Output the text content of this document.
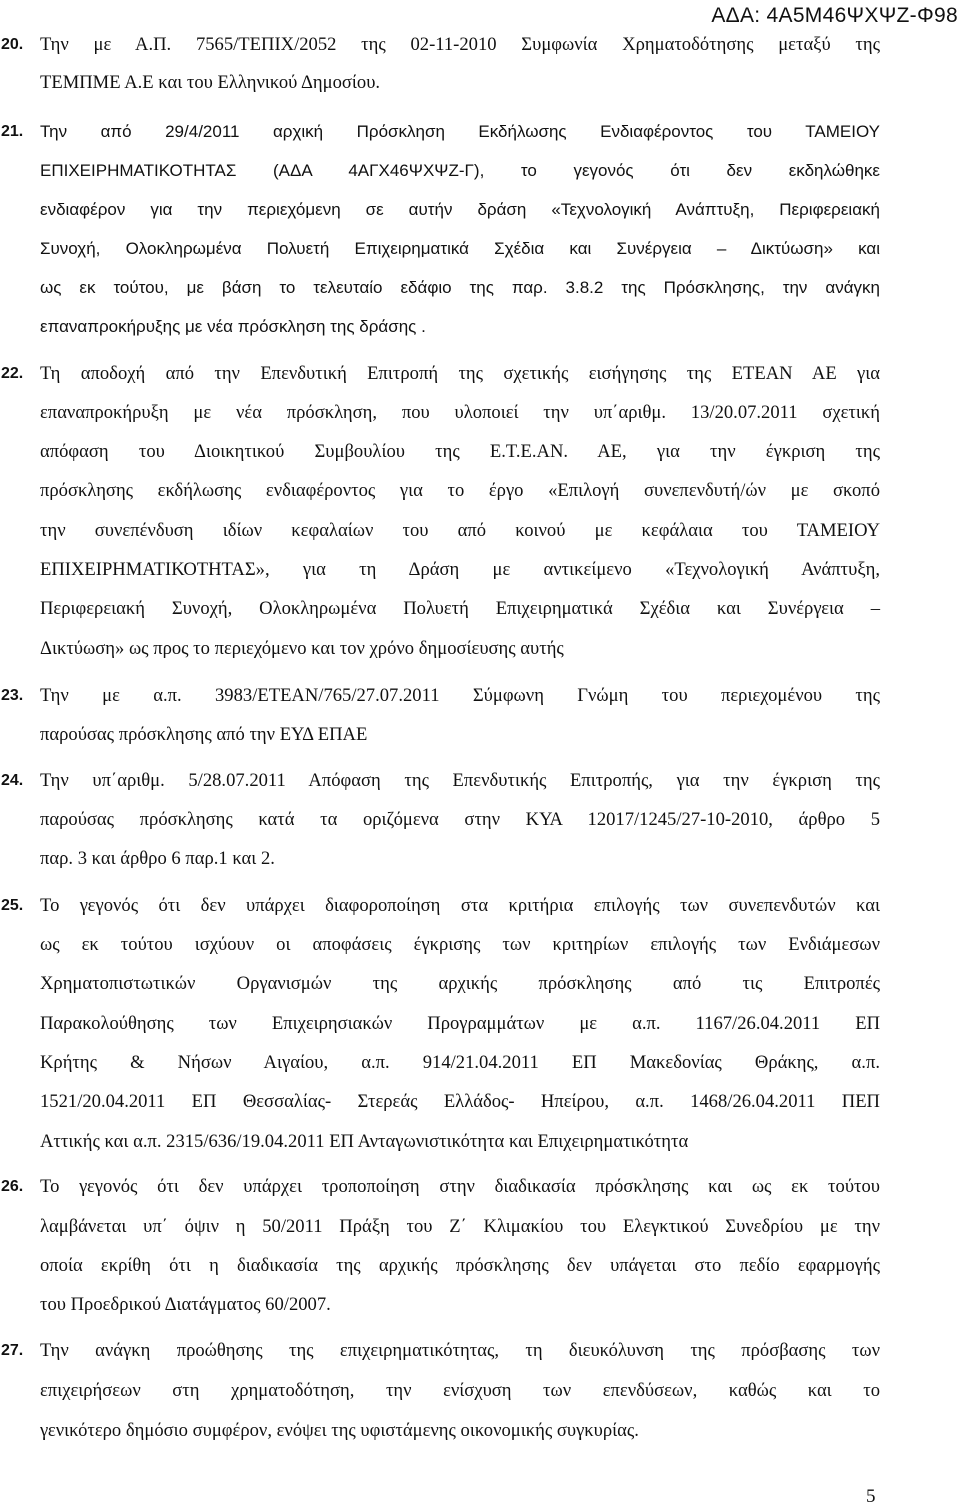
ΑΔΑ: 4Α5Μ46ΨΧΨΖ-Φ98
20. Την με Α.Π. 7565/ΤΕΠΙΧ/2052 της 02-11-2010 Συμφωνία Χρηματοδότησης μεταξύ της
ΤΕΜΠΜΕ Α.Ε και του Ελληνικού Δημοσίου.
21. Την από 29/4/2011 αρχική Πρόσκληση Εκδήλωσης Ενδιαφέροντος του ΤΑΜΕΙΟΥ
ΕΠΙΧΕΙΡΗΜΑΤΙΚΟΤΗΤΑΣ (ΑΔΑ 4ΑΓΧ46ΨΧΨΖ-Γ), το γεγονός ότι δεν εκδηλώθηκε
ενδιαφέρον για την περιεχόμενη σε αυτήν δράση «Τεχνολογική Ανάπτυξη, Περιφερειακή
Συνοχή, Ολοκληρωμένα Πολυετή Επιχειρηματικά Σχέδια και Συνέργεια – Δικτύωση» και
ως εκ τούτου, με βάση το τελευταίο εδάφιο της παρ. 3.8.2 της Πρόσκλησης, την ανάγκη
επαναπροκήρυξης με νέα πρόσκληση της δράσης .
22. Τη αποδοχή από την Επενδυτική Επιτροπή της σχετικής εισήγησης της ΕΤΕΑΝ ΑΕ για
επαναπροκήρυξη με νέα πρόσκληση, που υλοποιεί την υπ΄αριθμ. 13/20.07.2011 σχετική
απόφαση του Διοικητικού Συμβουλίου της Ε.Τ.Ε.ΑΝ. ΑΕ, για την έγκριση της
πρόσκλησης εκδήλωσης ενδιαφέροντος για το έργο «Επιλογή συνεπενδυτή/ών με σκοπό
την συνεπένδυση ιδίων κεφαλαίων του από κοινού με κεφάλαια του ΤΑΜΕΙΟΥ
ΕΠΙΧΕΙΡΗΜΑΤΙΚΟΤΗΤΑΣ», για τη Δράση με αντικείμενο «Τεχνολογική Ανάπτυξη,
Περιφερειακή Συνοχή, Ολοκληρωμένα Πολυετή Επιχειρηματικά Σχέδια και Συνέργεια –
Δικτύωση» ως προς το περιεχόμενο και τον χρόνο δημοσίευσης αυτής
23. Την με α.π. 3983/ΕΤΕΑΝ/765/27.07.2011 Σύμφωνη Γνώμη του περιεχομένου της
παρούσας πρόσκλησης από την ΕΥΔ ΕΠΑΕ
24. Την υπ΄αριθμ. 5/28.07.2011 Απόφαση της Επενδυτικής Επιτροπής, για την έγκριση της
παρούσας πρόσκλησης κατά τα οριζόμενα στην ΚΥΑ 12017/1245/27-10-2010, άρθρο 5
παρ. 3 και άρθρο 6 παρ.1 και 2.
25. Το γεγονός ότι δεν υπάρχει διαφοροποίηση στα κριτήρια επιλογής των συνεπενδυτών και
ως εκ τούτου ισχύουν οι αποφάσεις έγκρισης των κριτηρίων επιλογής των Ενδιάμεσων
Χρηματοπιστωτικών Οργανισμών της αρχικής πρόσκλησης από τις Επιτροπές
Παρακολούθησης των Επιχειρησιακών Προγραμμάτων με α.π. 1167/26.04.2011 ΕΠ
Κρήτης & Νήσων Αιγαίου, α.π. 914/21.04.2011 ΕΠ Μακεδονίας Θράκης, α.π.
1521/20.04.2011 ΕΠ Θεσσαλίας- Στερεάς Ελλάδος- Ηπείρου, α.π. 1468/26.04.2011 ΠΕΠ
Αττικής και α.π. 2315/636/19.04.2011 ΕΠ Ανταγωνιστικότητα και Επιχειρηματικότητα
26. Το γεγονός ότι δεν υπάρχει τροποποίηση στην διαδικασία πρόσκλησης και ως εκ τούτου
λαμβάνεται υπ΄ όψιν η 50/2011 Πράξη του Ζ΄ Κλιμακίου του Ελεγκτικού Συνεδρίου με την
οποία εκρίθη ότι η διαδικασία της αρχικής πρόσκλησης δεν υπάγεται στο πεδίο εφαρμογής
του Προεδρικού Διατάγματος 60/2007.
27. Την ανάγκη προώθησης της επιχειρηματικότητας, τη διευκόλυνση της πρόσβασης των
επιχειρήσεων στη χρηματοδότηση, την ενίσχυση των επενδύσεων, καθώς και το
γενικότερο δημόσιο συμφέρον, ενόψει της υφιστάμενης οικονομικής συγκυρίας.
5
